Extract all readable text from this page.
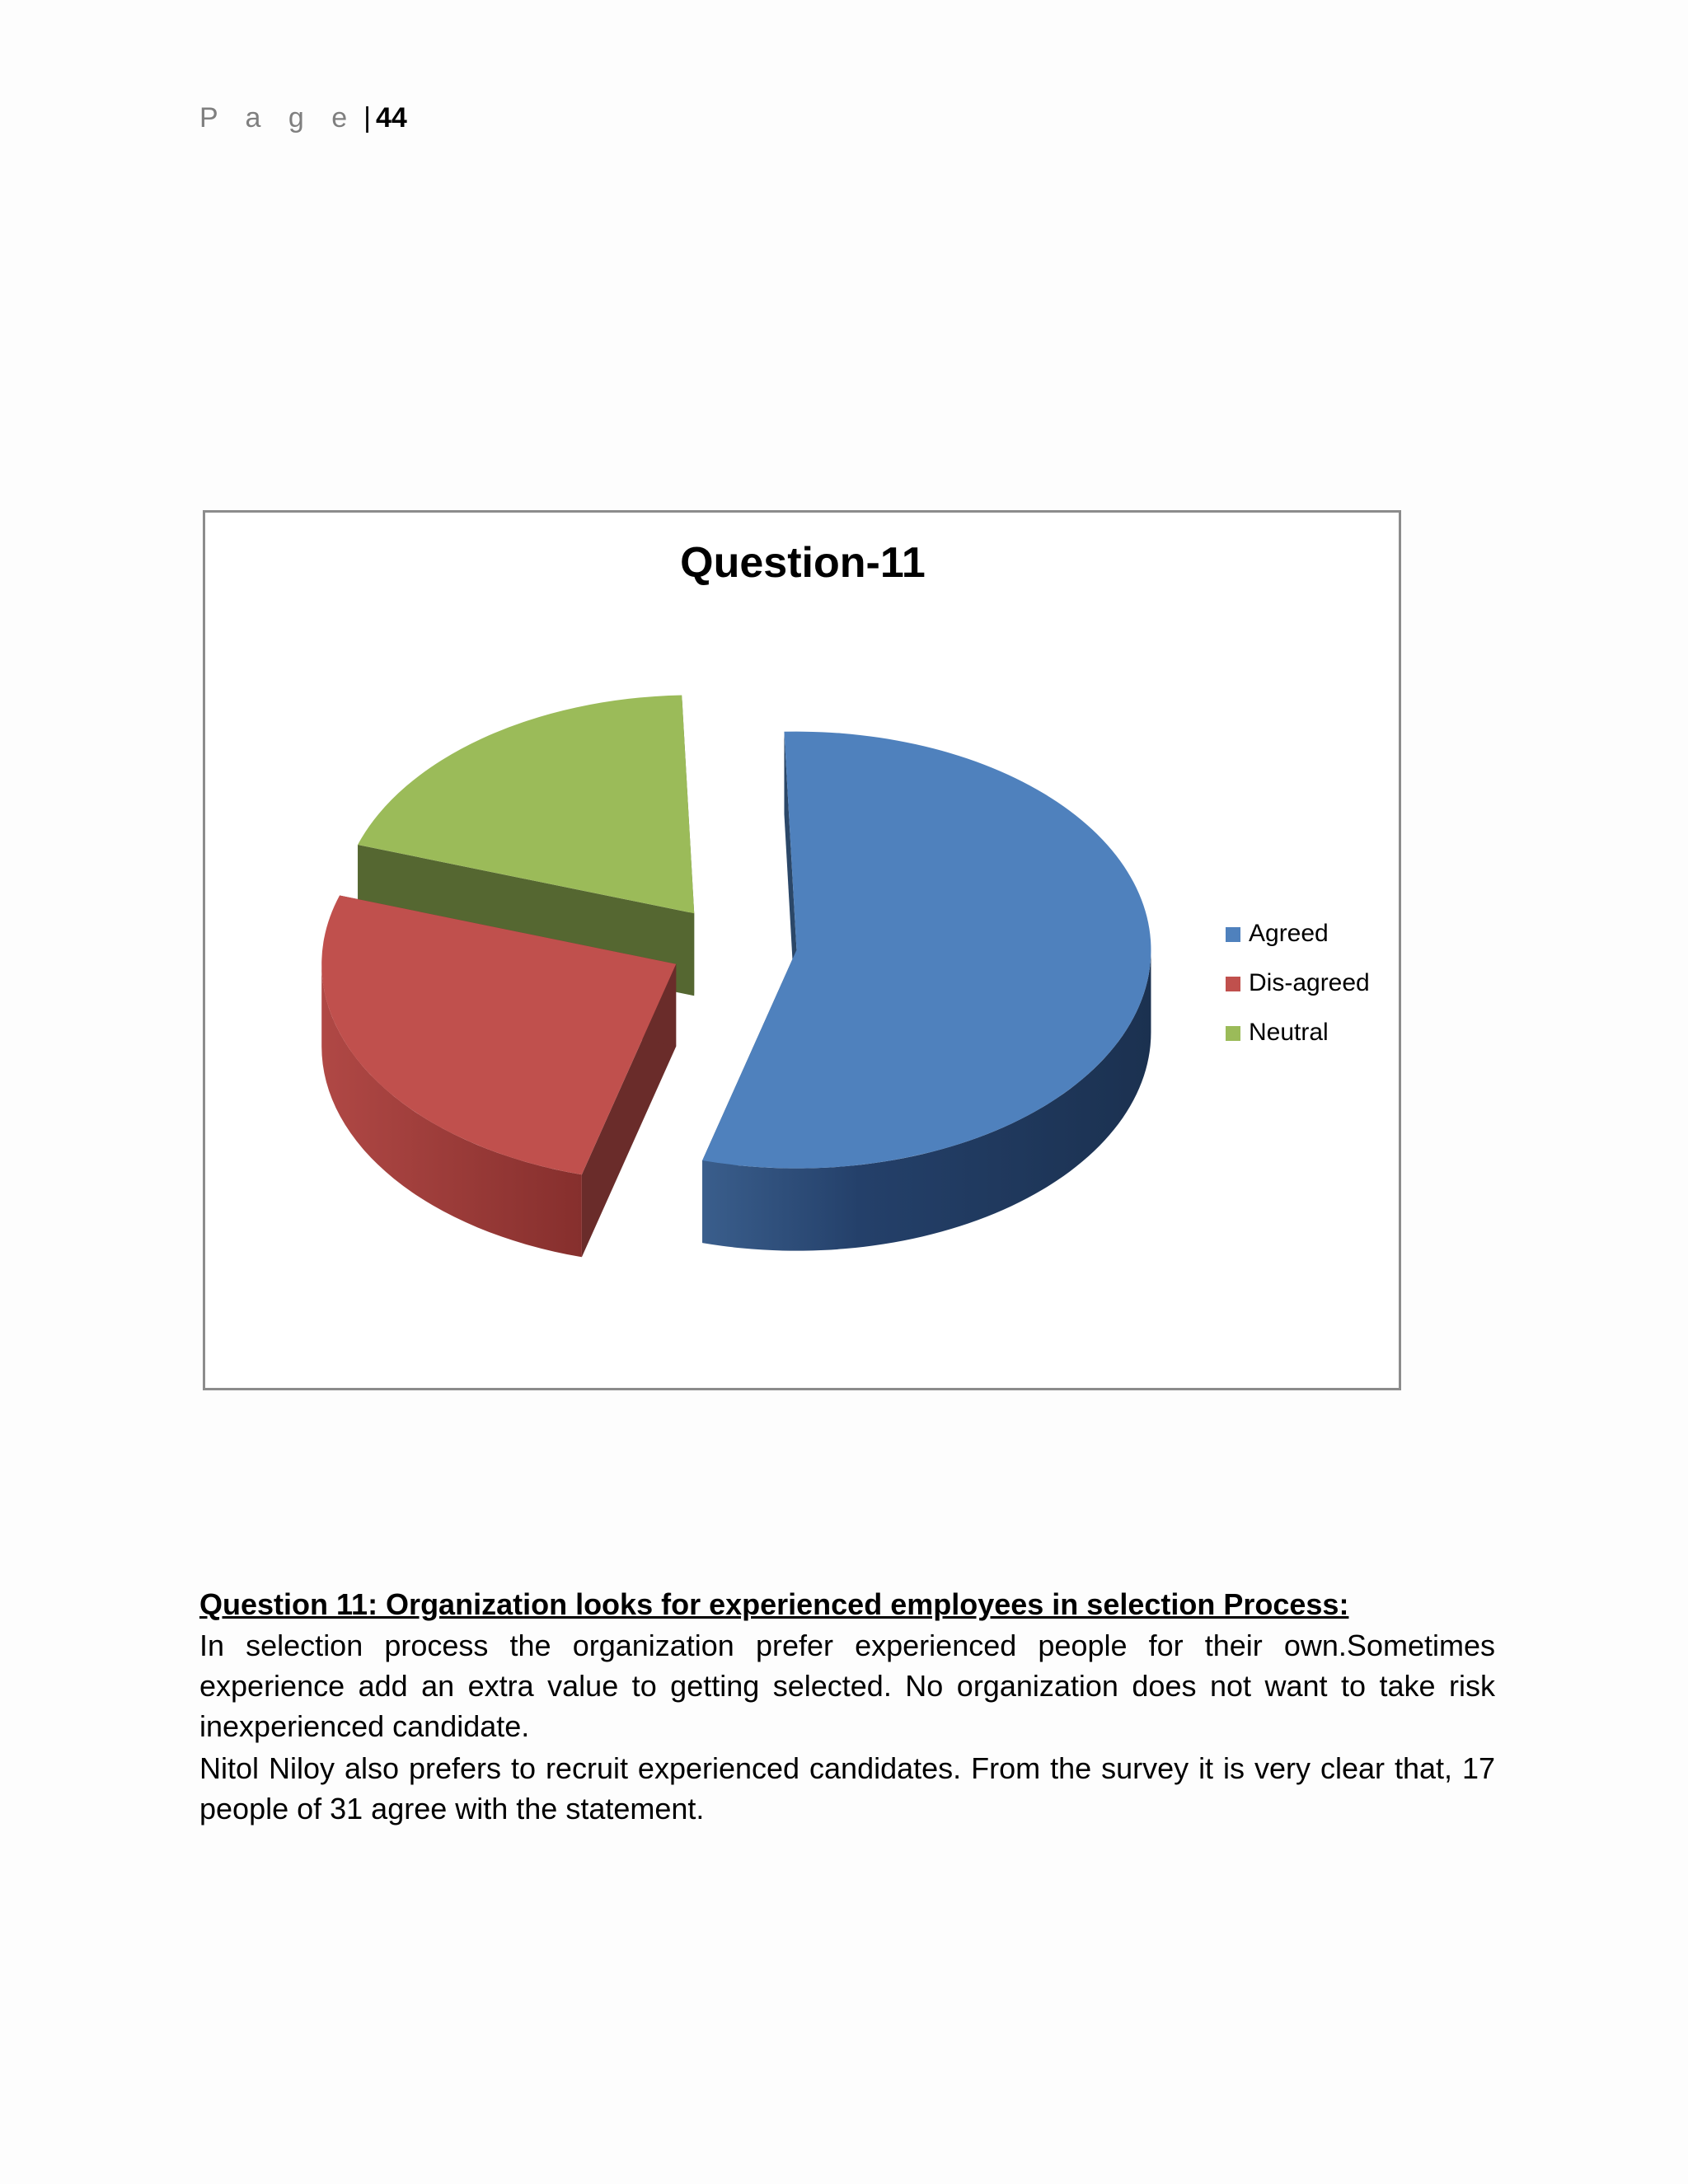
P a g e | 44
Question-11
Agreed
Dis-agreed
Neutral

Question 11: Organization looks for experienced employees in selection Process:

In selection process the organization prefer experienced people for their own.Sometimes experience add an extra value to getting selected. No organization does not want to take risk inexperienced candidate.

Nitol Niloy also prefers to recruit experienced candidates. From the survey it is very clear that, 17 people of 31 agree with the statement.
